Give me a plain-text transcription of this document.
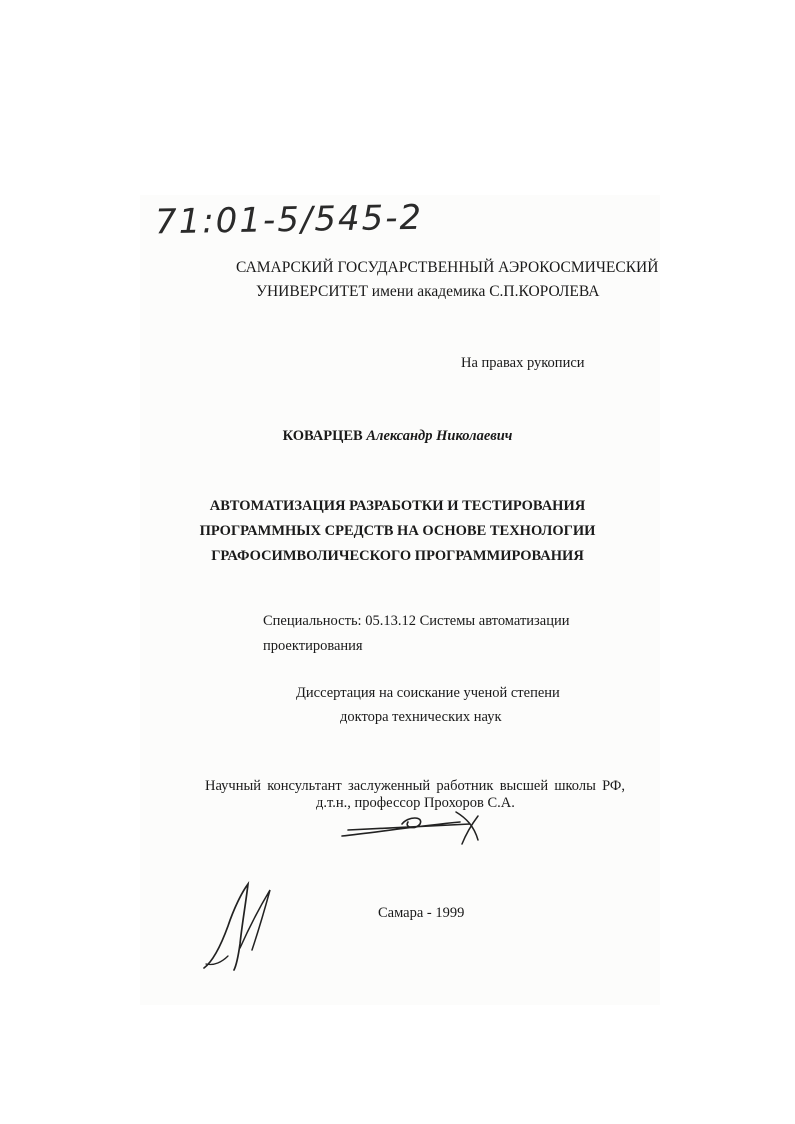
71:01-5/545-2
САМАРСКИЙ ГОСУДАРСТВЕННЫЙ АЭРОКОСМИЧЕСКИЙ
УНИВЕРСИТЕТ имени академика С.П.КОРОЛЕВА
На правах рукописи
КОВАРЦЕВ Александр Николаевич
АВТОМАТИЗАЦИЯ РАЗРАБОТКИ И ТЕСТИРОВАНИЯ
ПРОГРАММНЫХ СРЕДСТВ НА ОСНОВЕ ТЕХНОЛОГИИ
ГРАФОСИМВОЛИЧЕСКОГО ПРОГРАММИРОВАНИЯ
Специальность: 05.13.12 Системы автоматизации
проектирования
Диссертация на соискание ученой степени
доктора технических наук
Научный консультант заслуженный работник высшей школы РФ,
д.т.н., профессор Прохоров С.А.
Самара - 1999
